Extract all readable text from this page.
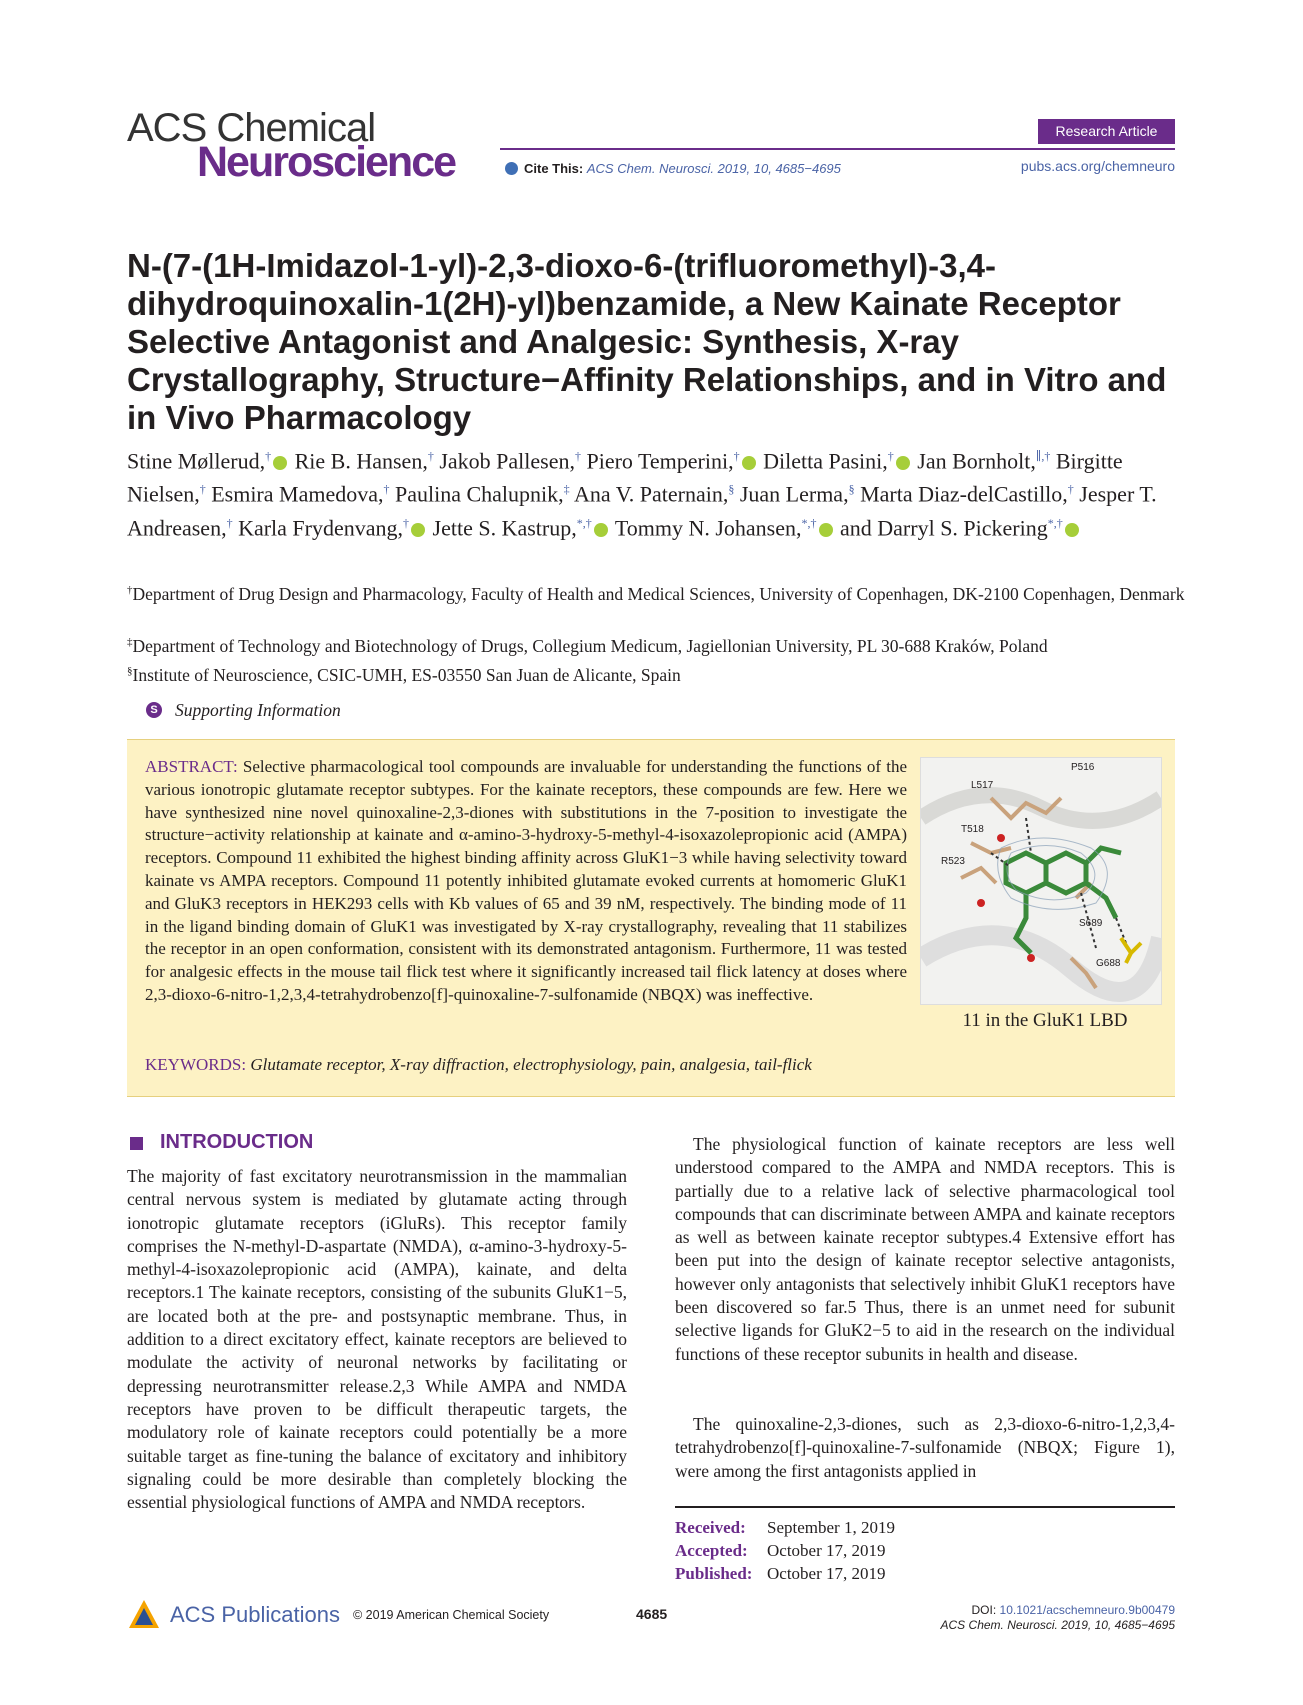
ACS Chemical
Neuroscience
Research Article
Cite This: ACS Chem. Neurosci. 2019, 10, 4685−4695	pubs.acs.org/chemneuro
N-(7-(1H-Imidazol-1-yl)-2,3-dioxo-6-(trifluoromethyl)-3,4-dihydroquinoxalin-1(2H)-yl)benzamide, a New Kainate Receptor Selective Antagonist and Analgesic: Synthesis, X-ray Crystallography, Structure−Affinity Relationships, and in Vitro and in Vivo Pharmacology
Stine Møllerud,† Rie B. Hansen,† Jakob Pallesen,† Piero Temperini,† Diletta Pasini,† Jan Bornholt,∥,† Birgitte Nielsen,† Esmira Mamedova,† Paulina Chalupnik,‡ Ana V. Paternain,§ Juan Lerma,§ Marta Diaz-delCastillo,† Jesper T. Andreasen,† Karla Frydenvang,† Jette S. Kastrup,*,† Tommy N. Johansen,*,† and Darryl S. Pickering*,†
†Department of Drug Design and Pharmacology, Faculty of Health and Medical Sciences, University of Copenhagen, DK-2100 Copenhagen, Denmark
‡Department of Technology and Biotechnology of Drugs, Collegium Medicum, Jagiellonian University, PL 30-688 Kraków, Poland
§Institute of Neuroscience, CSIC-UMH, ES-03550 San Juan de Alicante, Spain
S Supporting Information
ABSTRACT: Selective pharmacological tool compounds are invaluable for understanding the functions of the various ionotropic glutamate receptor subtypes. For the kainate receptors, these compounds are few. Here we have synthesized nine novel quinoxaline-2,3-diones with substitutions in the 7-position to investigate the structure−activity relationship at kainate and α-amino-3-hydroxy-5-methyl-4-isoxazolepropionic acid (AMPA) receptors. Compound 11 exhibited the highest binding affinity across GluK1−3 while having selectivity toward kainate vs AMPA receptors. Compound 11 potently inhibited glutamate evoked currents at homomeric GluK1 and GluK3 receptors in HEK293 cells with Kb values of 65 and 39 nM, respectively. The binding mode of 11 in the ligand binding domain of GluK1 was investigated by X-ray crystallography, revealing that 11 stabilizes the receptor in an open conformation, consistent with its demonstrated antagonism. Furthermore, 11 was tested for analgesic effects in the mouse tail flick test where it significantly increased tail flick latency at doses where 2,3-dioxo-6-nitro-1,2,3,4-tetrahydrobenzo[f]-quinoxaline-7-sulfonamide (NBQX) was ineffective.
KEYWORDS: Glutamate receptor, X-ray diffraction, electrophysiology, pain, analgesia, tail-flick
P516
L517
T518
R523
S689
G688
11 in the GluK1 LBD
INTRODUCTION
The majority of fast excitatory neurotransmission in the mammalian central nervous system is mediated by glutamate acting through ionotropic glutamate receptors (iGluRs). This receptor family comprises the N-methyl-D-aspartate (NMDA), α-amino-3-hydroxy-5-methyl-4-isoxazolepropionic acid (AMPA), kainate, and delta receptors.1 The kainate receptors, consisting of the subunits GluK1−5, are located both at the pre- and postsynaptic membrane. Thus, in addition to a direct excitatory effect, kainate receptors are believed to modulate the activity of neuronal networks by facilitating or depressing neurotransmitter release.2,3 While AMPA and NMDA receptors have proven to be difficult therapeutic targets, the modulatory role of kainate receptors could potentially be a more suitable target as fine-tuning the balance of excitatory and inhibitory signaling could be more desirable than completely blocking the essential physiological functions of AMPA and NMDA receptors.
The physiological function of kainate receptors are less well understood compared to the AMPA and NMDA receptors. This is partially due to a relative lack of selective pharmacological tool compounds that can discriminate between AMPA and kainate receptors as well as between kainate receptor subtypes.4 Extensive effort has been put into the design of kainate receptor selective antagonists, however only antagonists that selectively inhibit GluK1 receptors have been discovered so far.5 Thus, there is an unmet need for subunit selective ligands for GluK2−5 to aid in the research on the individual functions of these receptor subunits in health and disease.
The quinoxaline-2,3-diones, such as 2,3-dioxo-6-nitro-1,2,3,4-tetrahydrobenzo[f]-quinoxaline-7-sulfonamide (NBQX; Figure 1), were among the first antagonists applied in
Received: September 1, 2019
Accepted: October 17, 2019
Published: October 17, 2019
ACS Publications © 2019 American Chemical Society	4685	DOI: 10.1021/acschemneuro.9b00479
ACS Chem. Neurosci. 2019, 10, 4685−4695
